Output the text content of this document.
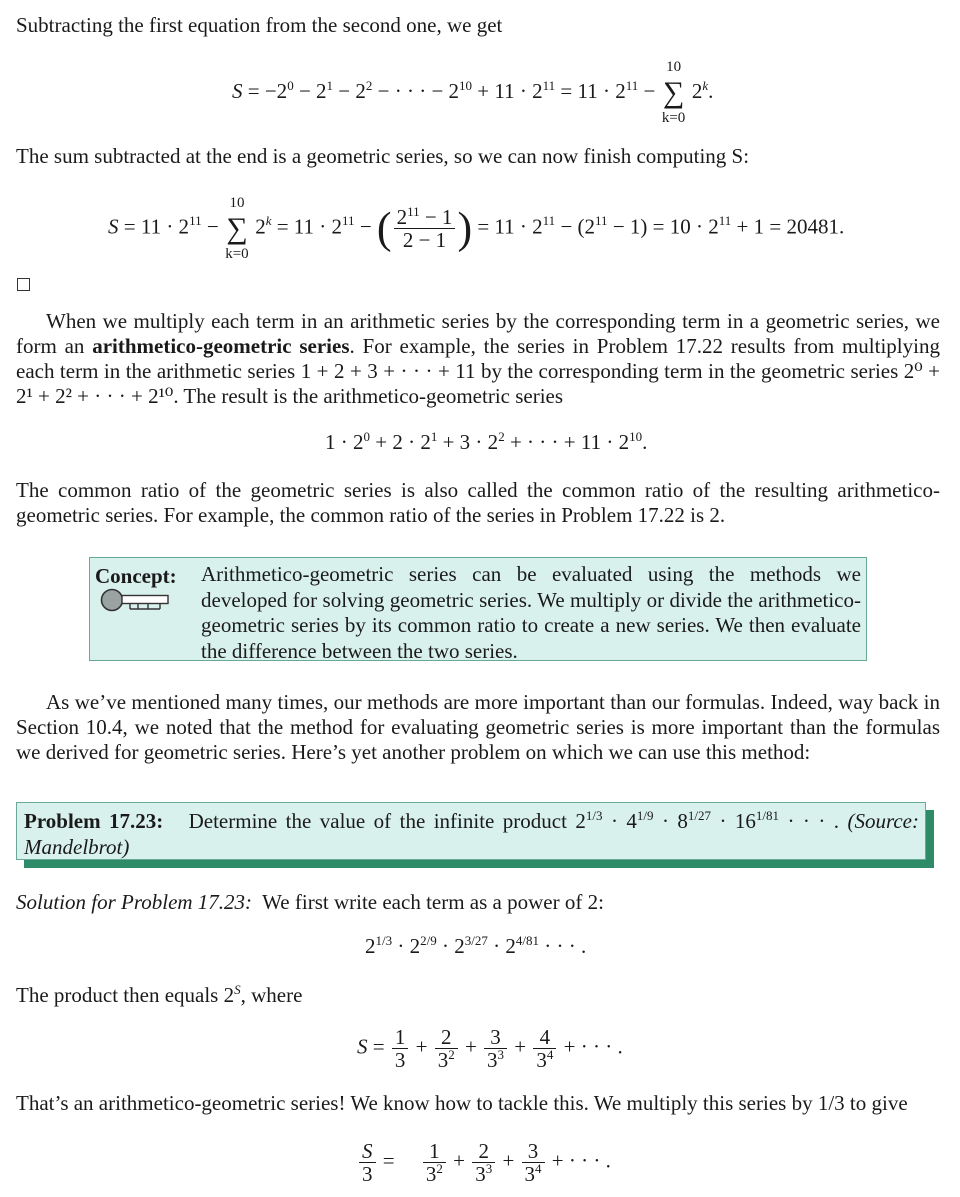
Subtracting the first equation from the second one, we get

$S = -2^0 - 2^1 - 2^2$ − · · · − $2^{10} + 11 \cdot 2^{11} = 11 \cdot 2^{11}$ −
10
∑
k=0
2$^k$.

The sum subtracted at the end is a geometric series, so we can now finish computing S:

$S = 11 \cdot 2^{11}$ −
10
∑
k=0
$2^k = 11 \cdot 2^{11}$ − ( $\frac{2^{11} - 1}{2 - 1}$ ) = $11 \cdot 2^{11} - (2^{11} - 1) = 10 \cdot 2^{11} + 1 = 20481$.

When we multiply each term in an arithmetic series by the corresponding term in a geometric series, we form an arithmetico-geometric series. For example, the series in Problem 17.22 results from multiplying each term in the arithmetic series 1 + 2 + 3 + · · · + 11 by the corresponding term in the geometric series 2⁰ + 2¹ + 2² + · · · + 2¹⁰. The result is the arithmetico-geometric series

$1 \cdot 2^0 + 2 \cdot 2^1 + 3 \cdot 2^2$ + · · · + $11 \cdot 2^{10}$.

The common ratio of the geometric series is also called the common ratio of the resulting arithmetico-geometric series. For example, the common ratio of the series in Problem 17.22 is 2.

Concept: Arithmetico-geometric series can be evaluated using the methods we developed for solving geometric series. We multiply or divide the arithmetico-geometric series by its common ratio to create a new series. We then evaluate the difference between the two series.

As we’ve mentioned many times, our methods are more important than our formulas. Indeed, way back in Section 10.4, we noted that the method for evaluating geometric series is more important than the formulas we derived for geometric series. Here’s yet another problem on which we can use this method:

Problem 17.23: Determine the value of the infinite product $2^{1/3} \cdot 4^{1/9} \cdot 8^{1/27} \cdot 16^{1/81}$ · · · . (Source: Mandelbrot)

Solution for Problem 17.23: We first write each term as a power of 2:

$2^{1/3} \cdot 2^{2/9} \cdot 2^{3/27} \cdot 2^{4/81}$ · · · .

The product then equals $2^S$, where

$S = \frac{1}{3} + \frac{2}{3^2} + \frac{3}{3^3} + \frac{4}{3^4}$ + · · · .

That’s an arithmetico-geometric series! We know how to tackle this. We multiply this series by 1/3 to give

$\frac{S}{3} = \frac{1}{3^2} + \frac{2}{3^3} + \frac{3}{3^4}$ + · · · .
